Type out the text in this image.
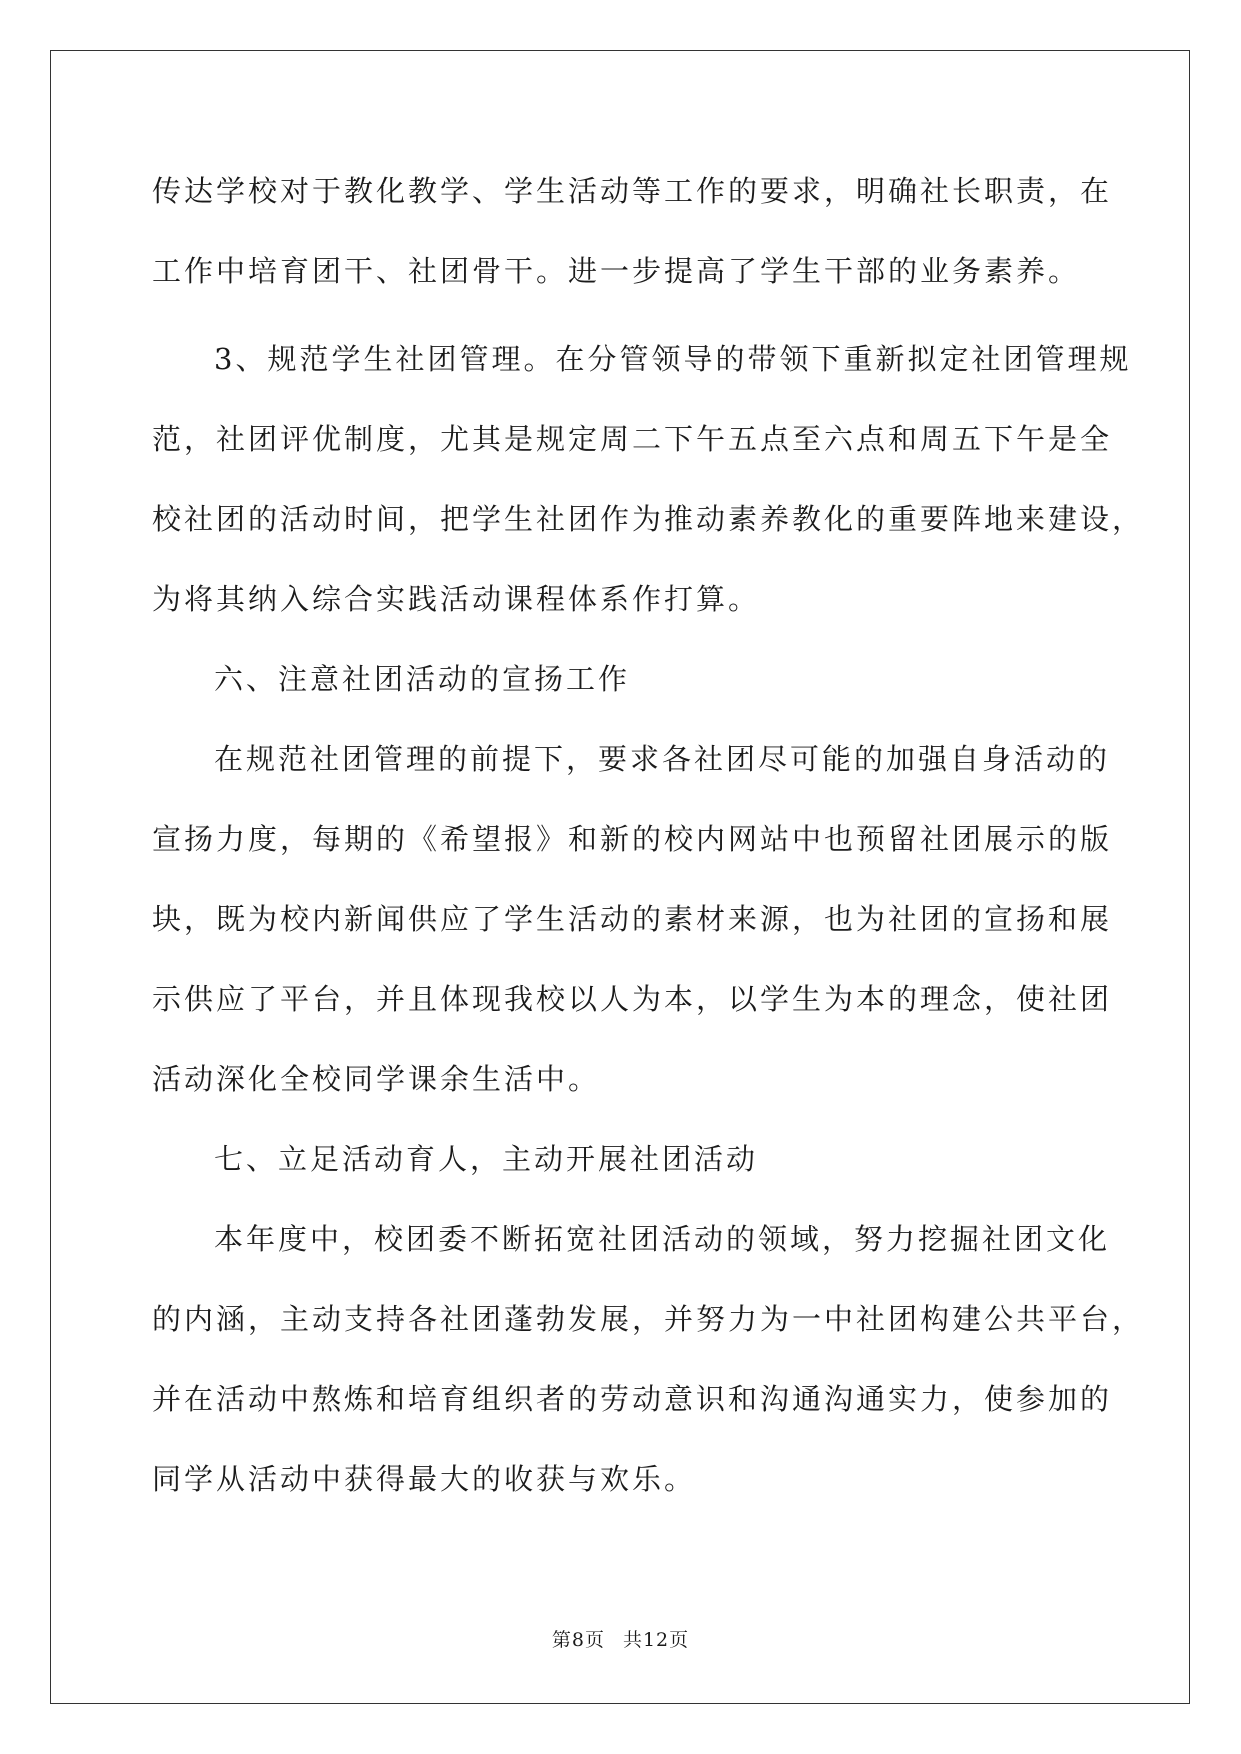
传达学校对于教化教学、学生活动等工作的要求，明确社长职责，在

工作中培育团干、社团骨干。进一步提高了学生干部的业务素养。

3、规范学生社团管理。在分管领导的带领下重新拟定社团管理规

范，社团评优制度，尤其是规定周二下午五点至六点和周五下午是全

校社团的活动时间，把学生社团作为推动素养教化的重要阵地来建设，

为将其纳入综合实践活动课程体系作打算。

六、注意社团活动的宣扬工作

在规范社团管理的前提下，要求各社团尽可能的加强自身活动的

宣扬力度，每期的《希望报》和新的校内网站中也预留社团展示的版

块，既为校内新闻供应了学生活动的素材来源，也为社团的宣扬和展

示供应了平台，并且体现我校以人为本，以学生为本的理念，使社团

活动深化全校同学课余生活中。

七、立足活动育人，主动开展社团活动

本年度中，校团委不断拓宽社团活动的领域，努力挖掘社团文化

的内涵，主动支持各社团蓬勃发展，并努力为一中社团构建公共平台，

并在活动中熬炼和培育组织者的劳动意识和沟通沟通实力，使参加的

同学从活动中获得最大的收获与欢乐。

第8页 共12页
